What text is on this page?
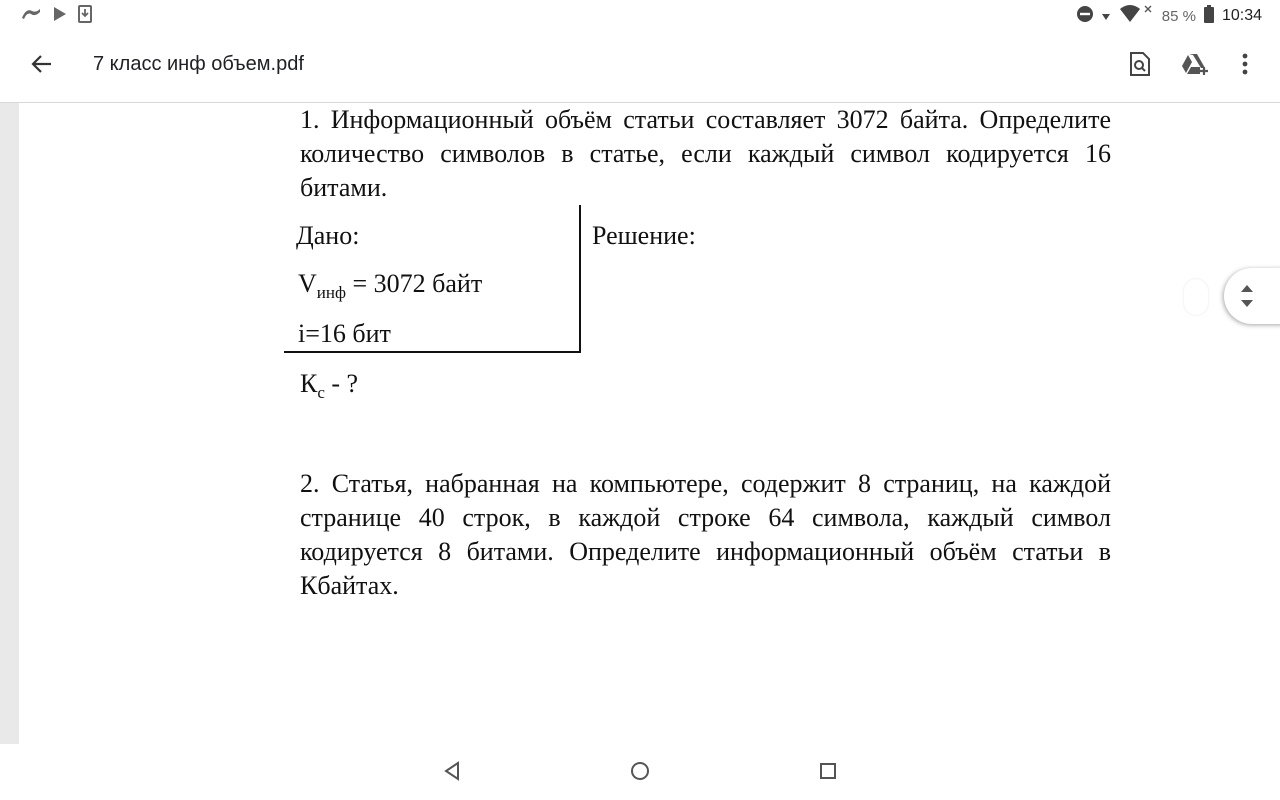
85 % 10:34
7 класс инф объем.pdf
1. Информационный объём статьи составляет 3072 байта. Определите количество символов в статье, если каждый символ кодируется 16 битами.
Дано:
$V_{инф} = 3072$ байт
i=16 бит
$К_с$ - ?
Решение:
2. Статья, набранная на компьютере, содержит 8 страниц, на каждой странице 40 строк, в каждой строке 64 символа, каждый символ кодируется 8 битами. Определите информационный объём статьи в Кбайтах.
